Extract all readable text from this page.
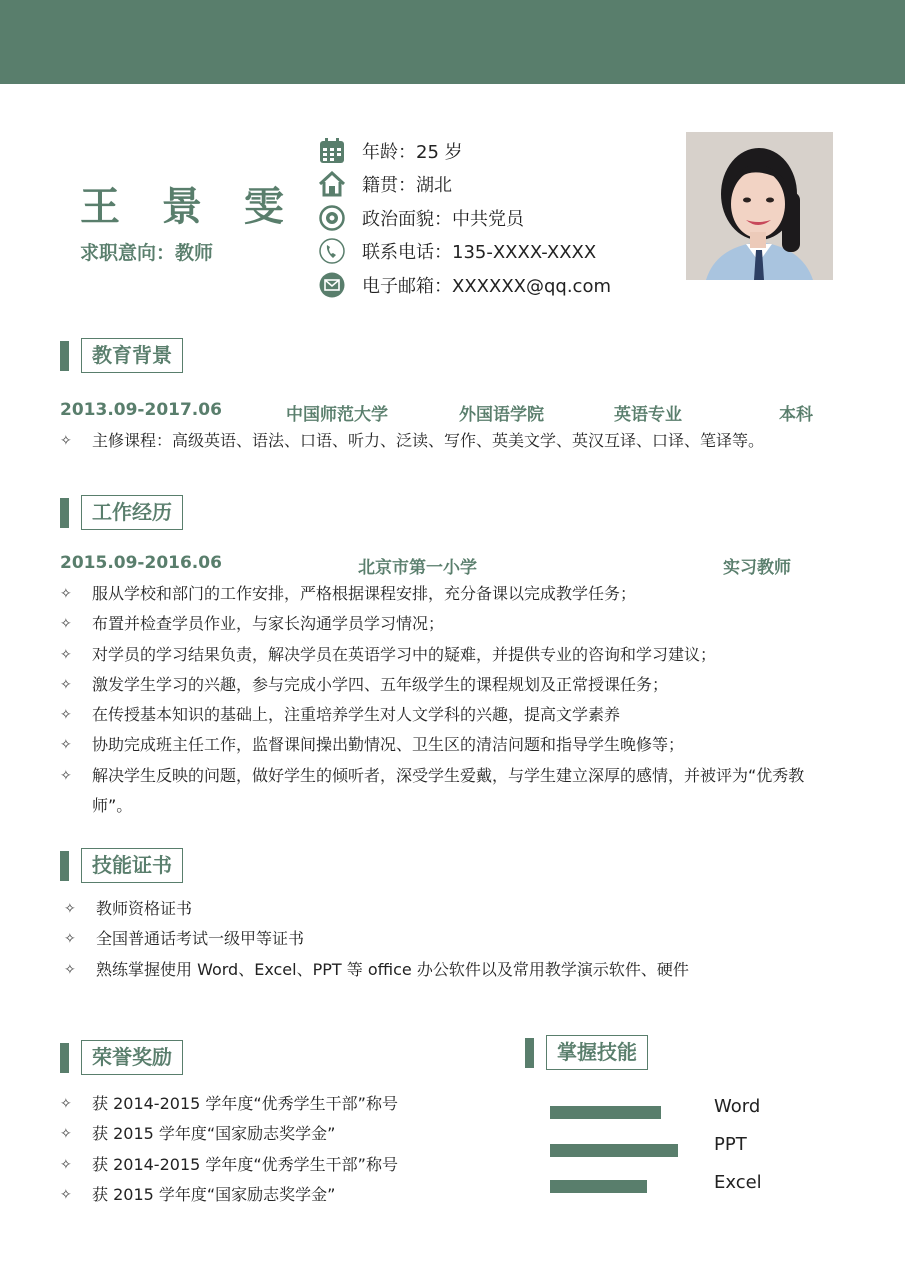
王 景 雯
求职意向：教师
年龄：25 岁
籍贯：湖北
政治面貌：中共党员
联系电话：135-XXXX-XXXX
电子邮箱：XXXXXX@qq.com
教育背景
2013.09-2017.06	中国师范大学	外国语学院	英语专业	本科
✧	主修课程：高级英语、语法、口语、听力、泛读、写作、英美文学、英汉互译、口译、笔译等。
工作经历
2015.09-2016.06	北京市第一小学	实习教师
✧	服从学校和部门的工作安排，严格根据课程安排，充分备课以完成教学任务；
✧	布置并检查学员作业，与家长沟通学员学习情况；
✧	对学员的学习结果负责，解决学员在英语学习中的疑难，并提供专业的咨询和学习建议；
✧	激发学生学习的兴趣，参与完成小学四、五年级学生的课程规划及正常授课任务；
✧	在传授基本知识的基础上，注重培养学生对人文学科的兴趣，提高文学素养
✧	协助完成班主任工作，监督课间操出勤情况、卫生区的清洁问题和指导学生晚修等；
✧	解决学生反映的问题，做好学生的倾听者，深受学生爱戴，与学生建立深厚的感情，并被评为“优秀教师”。
技能证书
✧	教师资格证书
✧	全国普通话考试一级甲等证书
✧	熟练掌握使用 Word、Excel、PPT 等 office 办公软件以及常用教学演示软件、硬件
荣誉奖励
✧	获 2014-2015 学年度“优秀学生干部”称号
✧	获 2015 学年度“国家励志奖学金”
✧	获 2014-2015 学年度“优秀学生干部”称号
✧	获 2015 学年度“国家励志奖学金”
掌握技能
Word
PPT
Excel
